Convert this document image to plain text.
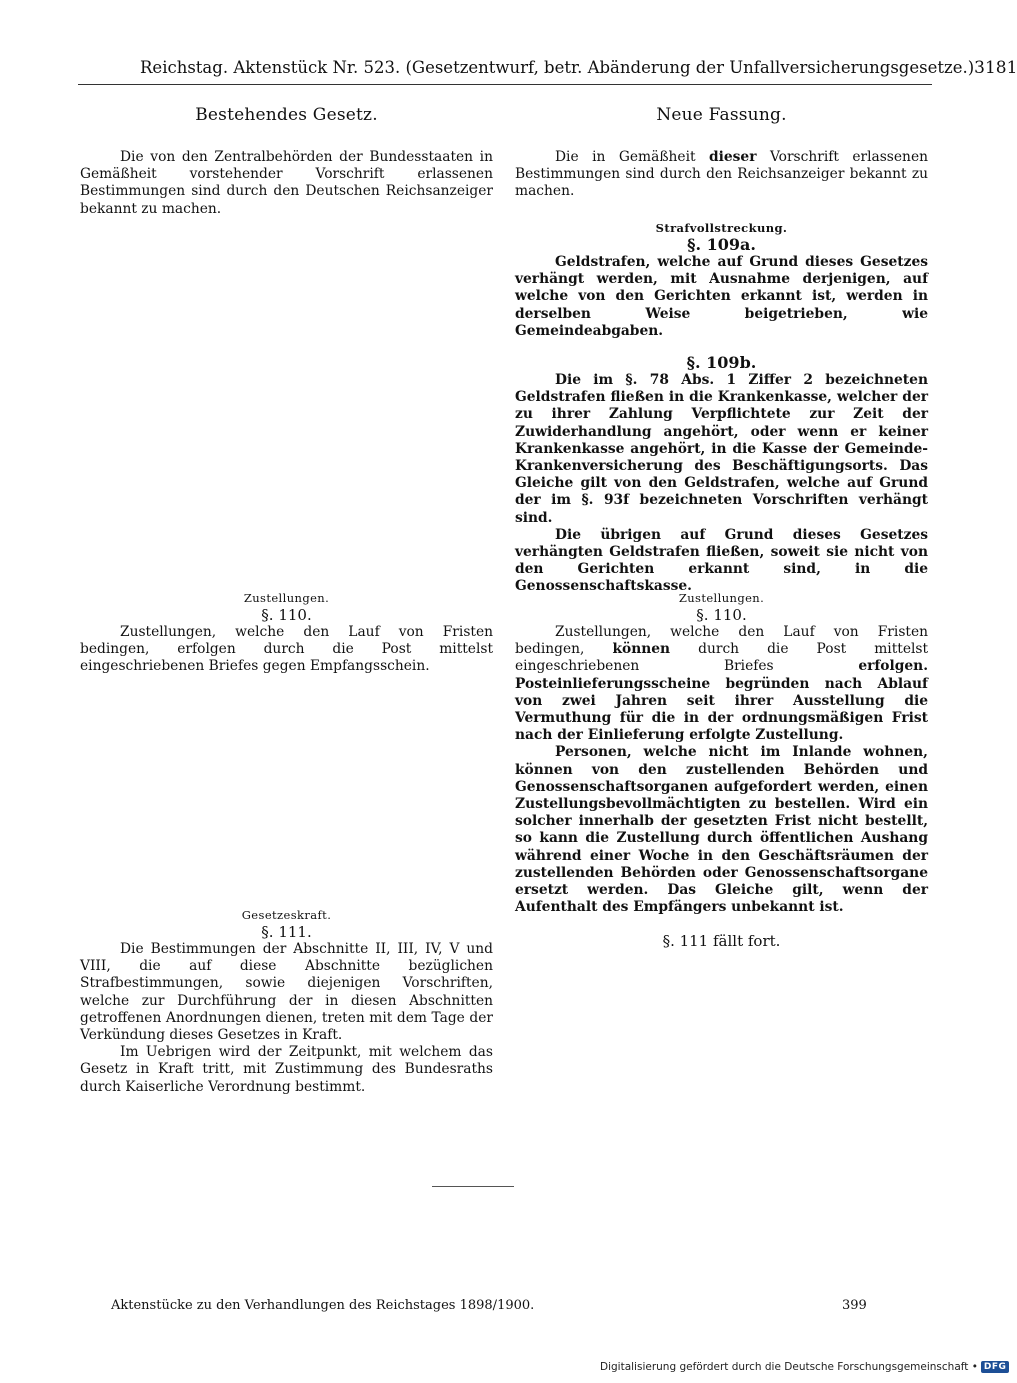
Reichstag. Aktenstück Nr. 523. (Gesetzentwurf, betr. Abänderung der Unfallversicherungsgesetze.) 3181

Bestehendes Gesetz.

Die von den Zentralbehörden der Bundesstaaten in Gemäßheit vorstehender Vorschrift erlassenen Bestimmungen sind durch den Deutschen Reichsanzeiger bekannt zu machen.

Zustellungen.

§. 110.

Zustellungen, welche den Lauf von Fristen bedingen, erfolgen durch die Post mittelst eingeschriebenen Briefes gegen Empfangsschein.

Gesetzeskraft.

§. 111.

Die Bestimmungen der Abschnitte II, III, IV, V und VIII, die auf diese Abschnitte bezüglichen Strafbestimmungen, sowie diejenigen Vorschriften, welche zur Durchführung der in diesen Abschnitten getroffenen Anordnungen dienen, treten mit dem Tage der Verkündung dieses Gesetzes in Kraft.

Im Uebrigen wird der Zeitpunkt, mit welchem das Gesetz in Kraft tritt, mit Zustimmung des Bundesraths durch Kaiserliche Verordnung bestimmt.

Neue Fassung.

Die in Gemäßheit dieser Vorschrift erlassenen Bestimmungen sind durch den Reichsanzeiger bekannt zu machen.

Strafvollstreckung.

§. 109a.

Geldstrafen, welche auf Grund dieses Gesetzes verhängt werden, mit Ausnahme derjenigen, auf welche von den Gerichten erkannt ist, werden in derselben Weise beigetrieben, wie Gemeindeabgaben.

§. 109b.

Die im §. 78 Abs. 1 Ziffer 2 bezeichneten Geldstrafen fließen in die Krankenkasse, welcher der zu ihrer Zahlung Verpflichtete zur Zeit der Zuwiderhandlung angehört, oder wenn er keiner Krankenkasse angehört, in die Kasse der Gemeinde-Krankenversicherung des Beschäftigungsorts. Das Gleiche gilt von den Geldstrafen, welche auf Grund der im §. 93f bezeichneten Vorschriften verhängt sind.

Die übrigen auf Grund dieses Gesetzes verhängten Geldstrafen fließen, soweit sie nicht von den Gerichten erkannt sind, in die Genossenschaftskasse.

Zustellungen.

§. 110.

Zustellungen, welche den Lauf von Fristen bedingen, können durch die Post mittelst eingeschriebenen Briefes	erfolgen. Posteinlieferungsscheine begründen nach Ablauf von zwei Jahren seit ihrer Ausstellung die Vermuthung für die in der ordnungsmäßigen Frist nach der Einlieferung erfolgte Zustellung.

Personen, welche nicht im Inlande wohnen, können von den zustellenden Behörden und Genossenschaftsorganen aufgefordert werden, einen Zustellungsbevollmächtigten zu bestellen. Wird ein solcher innerhalb der gesetzten Frist nicht bestellt, so kann die Zustellung durch öffentlichen Aushang während einer Woche in den Geschäftsräumen der zustellenden Behörden oder Genossenschaftsorgane ersetzt werden. Das Gleiche gilt, wenn der Aufenthalt des Empfängers unbekannt ist.

§. 111 fällt fort.

Aktenstücke zu den Verhandlungen des Reichstages 1898/1900.	399
Digitalisierung gefördert durch die Deutsche Forschungsgemeinschaft • DFG
